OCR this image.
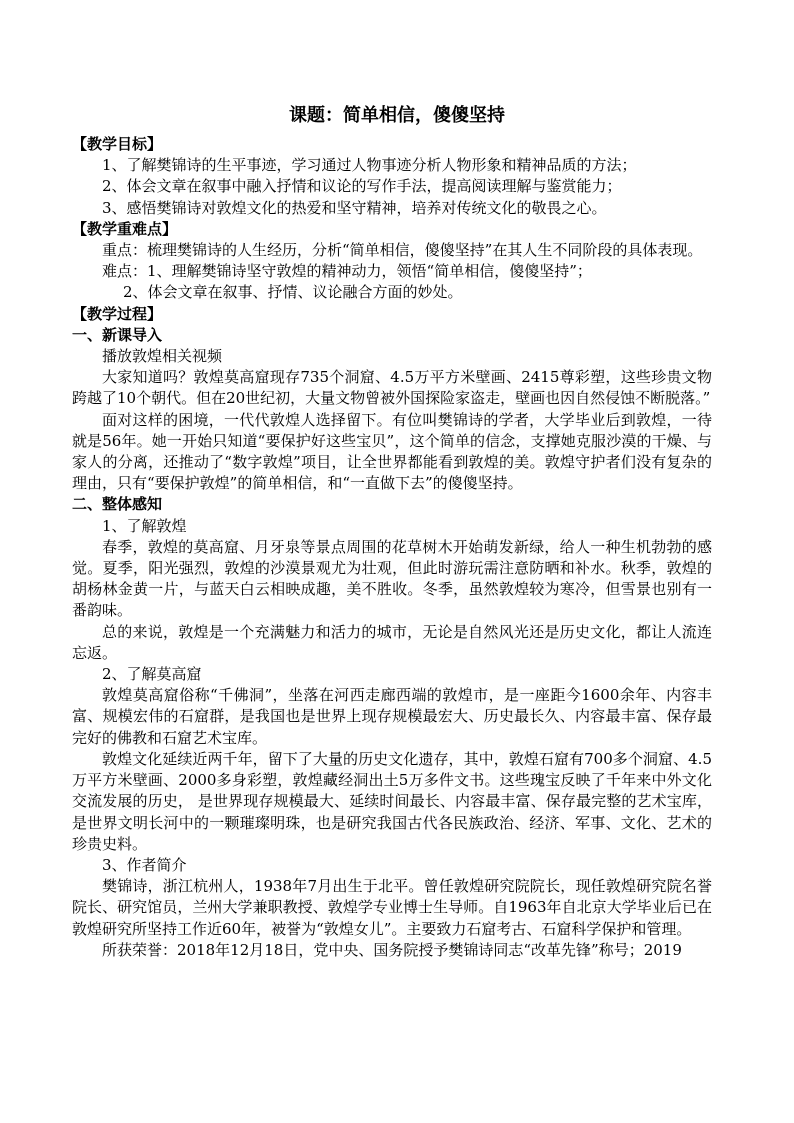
课题：简单相信，傻傻坚持

【教学目标】

1、了解樊锦诗的生平事迹，学习通过人物事迹分析人物形象和精神品质的方法；

2、体会文章在叙事中融入抒情和议论的写作手法，提高阅读理解与鉴赏能力；

3、感悟樊锦诗对敦煌文化的热爱和坚守精神，培养对传统文化的敬畏之心。

【教学重难点】

重点：梳理樊锦诗的人生经历，分析“简单相信，傻傻坚持”在其人生不同阶段的具体表现。

难点：1、理解樊锦诗坚守敦煌的精神动力，领悟“简单相信，傻傻坚持”；

2、体会文章在叙事、抒情、议论融合方面的妙处。

【教学过程】

一、新课导入

播放敦煌相关视频

大家知道吗？敦煌莫高窟现存735个洞窟、4.5万平方米壁画、2415尊彩塑，这些珍贵文物跨越了10个朝代。但在20世纪初，大量文物曾被外国探险家盗走，壁画也因自然侵蚀不断脱落。”

面对这样的困境，一代代敦煌人选择留下。有位叫樊锦诗的学者，大学毕业后到敦煌，一待就是56年。她一开始只知道“要保护好这些宝贝”，这个简单的信念，支撑她克服沙漠的干燥、与家人的分离，还推动了“数字敦煌”项目，让全世界都能看到敦煌的美。敦煌守护者们没有复杂的理由，只有“要保护敦煌”的简单相信，和“一直做下去”的傻傻坚持。

二、整体感知

1、了解敦煌

春季，敦煌的莫高窟、月牙泉等景点周围的花草树木开始萌发新绿，给人一种生机勃勃的感觉。夏季，阳光强烈，敦煌的沙漠景观尤为壮观，但此时游玩需注意防晒和补水。秋季，敦煌的胡杨林金黄一片，与蓝天白云相映成趣，美不胜收。冬季，虽然敦煌较为寒冷，但雪景也别有一番韵味。

总的来说，敦煌是一个充满魅力和活力的城市，无论是自然风光还是历史文化，都让人流连忘返。

2、了解莫高窟

敦煌莫高窟俗称“千佛洞”，坐落在河西走廊西端的敦煌市，是一座距今1600余年、内容丰富、规模宏伟的石窟群，是我国也是世界上现存规模最宏大、历史最长久、内容最丰富、保存最完好的佛教和石窟艺术宝库。

敦煌文化延续近两千年，留下了大量的历史文化遗存，其中，敦煌石窟有700多个洞窟、4.5万平方米壁画、2000多身彩塑，敦煌藏经洞出土5万多件文书。这些瑰宝反映了千年来中外文化交流发展的历史， 是世界现存规模最大、延续时间最长、内容最丰富、保存最完整的艺术宝库，是世界文明长河中的一颗璀璨明珠，也是研究我国古代各民族政治、经济、军事、文化、艺术的珍贵史料。

3、作者简介

樊锦诗，浙江杭州人，1938年7月出生于北平。曾任敦煌研究院院长，现任敦煌研究院名誉院长、研究馆员，兰州大学兼职教授、敦煌学专业博士生导师。自1963年自北京大学毕业后已在敦煌研究所坚持工作近60年，被誉为“敦煌女儿”。主要致力石窟考古、石窟科学保护和管理。

所获荣誉：2018年12月18日，党中央、国务院授予樊锦诗同志“改革先锋”称号；2019
